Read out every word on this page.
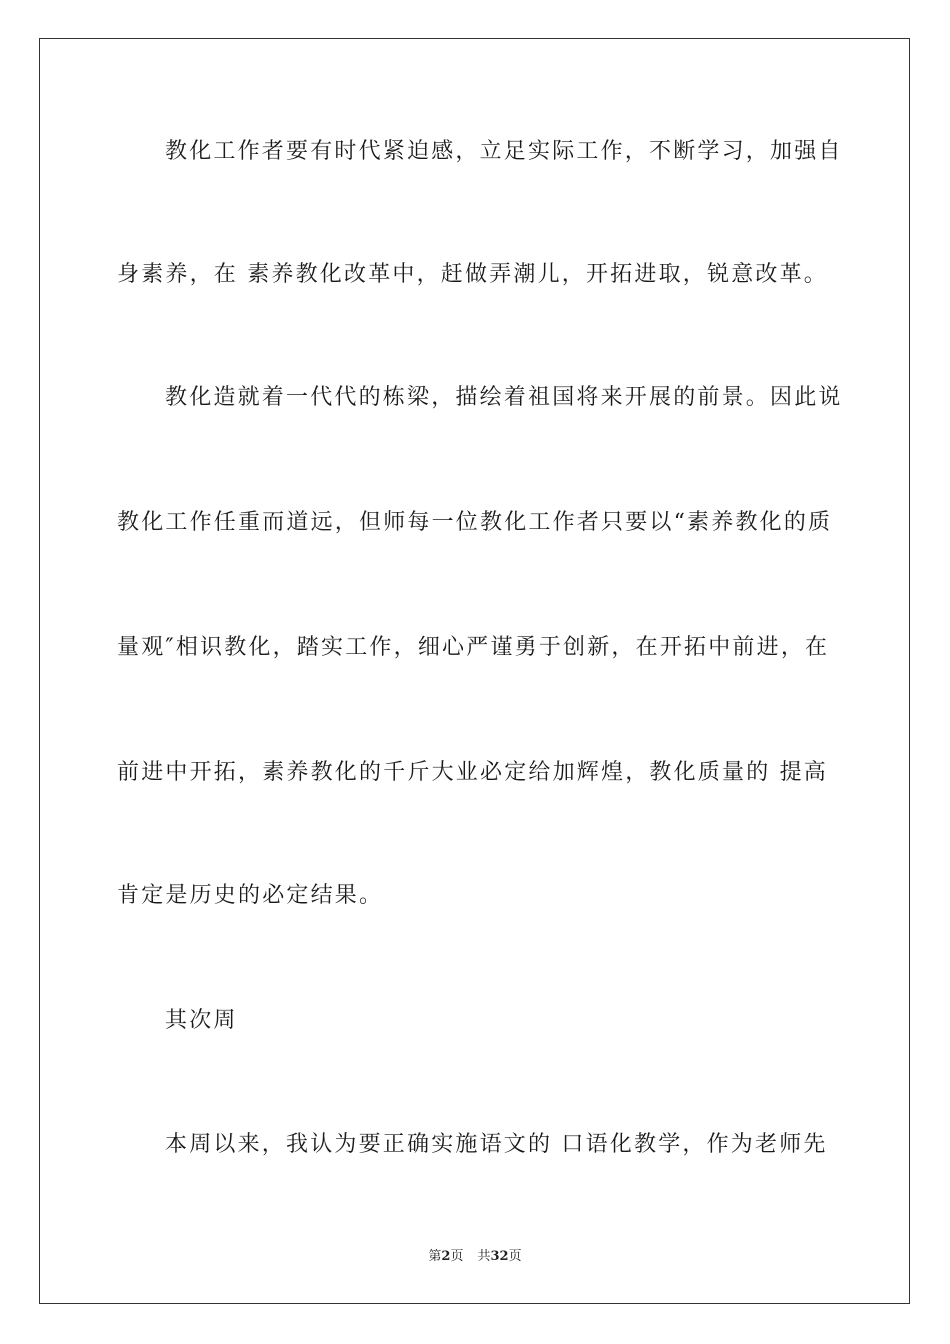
教化工作者要有时代紧迫感，立足实际工作，不断学习，加强自
身素养，在 素养教化改革中，赶做弄潮儿，开拓进取，锐意改革。
教化造就着一代代的栋梁，描绘着祖国将来开展的前景。因此说
教化工作任重而道远，但师每一位教化工作者只要以“素养教化的质
量观″相识教化，踏实工作，细心严谨勇于创新，在开拓中前进，在
前进中开拓，素养教化的千斤大业必定给加辉煌，教化质量的 提高
肯定是历史的必定结果。
其次周
本周以来，我认为要正确实施语文的 口语化教学，作为老师先
第2页 共32页
